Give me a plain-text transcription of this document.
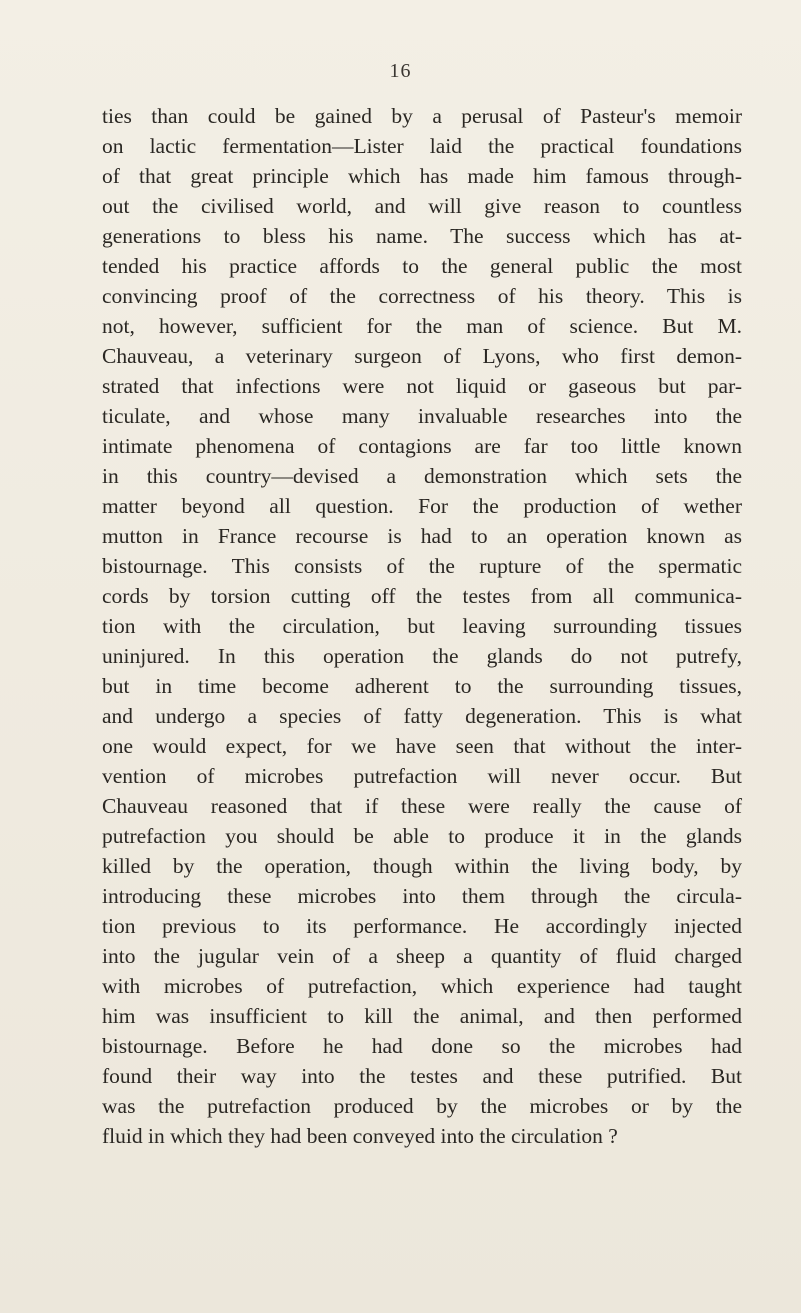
16
ties than could be gained by a perusal of Pasteur's memoir
on lactic fermentation—Lister laid the practical foundations
of that great principle which has made him famous through-
out the civilised world, and will give reason to countless
generations to bless his name. The success which has at-
tended his practice affords to the general public the most
convincing proof of the correctness of his theory. This is
not, however, sufficient for the man of science. But M.
Chauveau, a veterinary surgeon of Lyons, who first demon-
strated that infections were not liquid or gaseous but par-
ticulate, and whose many invaluable researches into the
intimate phenomena of contagions are far too little known
in this country—devised a demonstration which sets the
matter beyond all question. For the production of wether
mutton in France recourse is had to an operation known as
bistournage. This consists of the rupture of the spermatic
cords by torsion cutting off the testes from all communica-
tion with the circulation, but leaving surrounding tissues
uninjured. In this operation the glands do not putrefy,
but in time become adherent to the surrounding tissues,
and undergo a species of fatty degeneration. This is what
one would expect, for we have seen that without the inter-
vention of microbes putrefaction will never occur. But
Chauveau reasoned that if these were really the cause of
putrefaction you should be able to produce it in the glands
killed by the operation, though within the living body, by
introducing these microbes into them through the circula-
tion previous to its performance. He accordingly injected
into the jugular vein of a sheep a quantity of fluid charged
with microbes of putrefaction, which experience had taught
him was insufficient to kill the animal, and then performed
bistournage. Before he had done so the microbes had
found their way into the testes and these putrified. But
was the putrefaction produced by the microbes or by the
fluid in which they had been conveyed into the circulation ?
